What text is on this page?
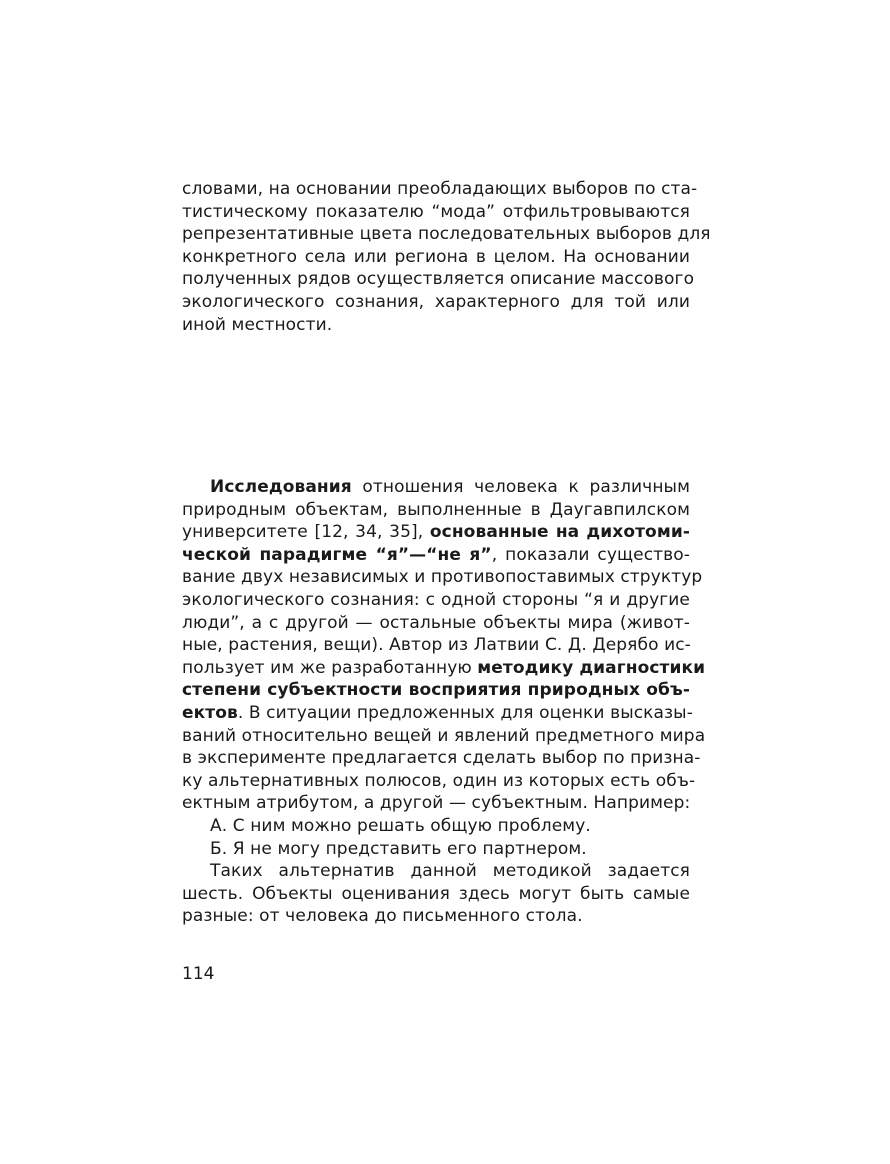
словами, на основании преобладающих выборов по ста-
тистическому показателю “мода” отфильтровываются
репрезентативные цвета последовательных выборов для
конкретного села или региона в целом. На основании
полученных рядов осуществляется описание массового
экологического сознания, характерного для той или
иной местности.
Исследования отношения человека к различным
природным объектам, выполненные в Даугавпилском
университете [12, 34, 35], основанные на дихотоми-
ческой парадигме “я”—“не я”, показали существо-
вание двух независимых и противопоставимых структур
экологического сознания: с одной стороны “я и другие
люди”, а с другой — остальные объекты мира (живот-
ные, растения, вещи). Автор из Латвии С. Д. Дерябо ис-
пользует им же разработанную методику диагностики
степени субъектности восприятия природных объ-
ектов. В ситуации предложенных для оценки высказы-
ваний относительно вещей и явлений предметного мира
в эксперименте предлагается сделать выбор по призна-
ку альтернативных полюсов, один из которых есть объ-
ектным атрибутом, а другой — субъектным. Например:
А. С ним можно решать общую проблему.
Б. Я не могу представить его партнером.
Таких альтернатив данной методикой задается
шесть. Объекты оценивания здесь могут быть самые
разные: от человека до письменного стола.
114
